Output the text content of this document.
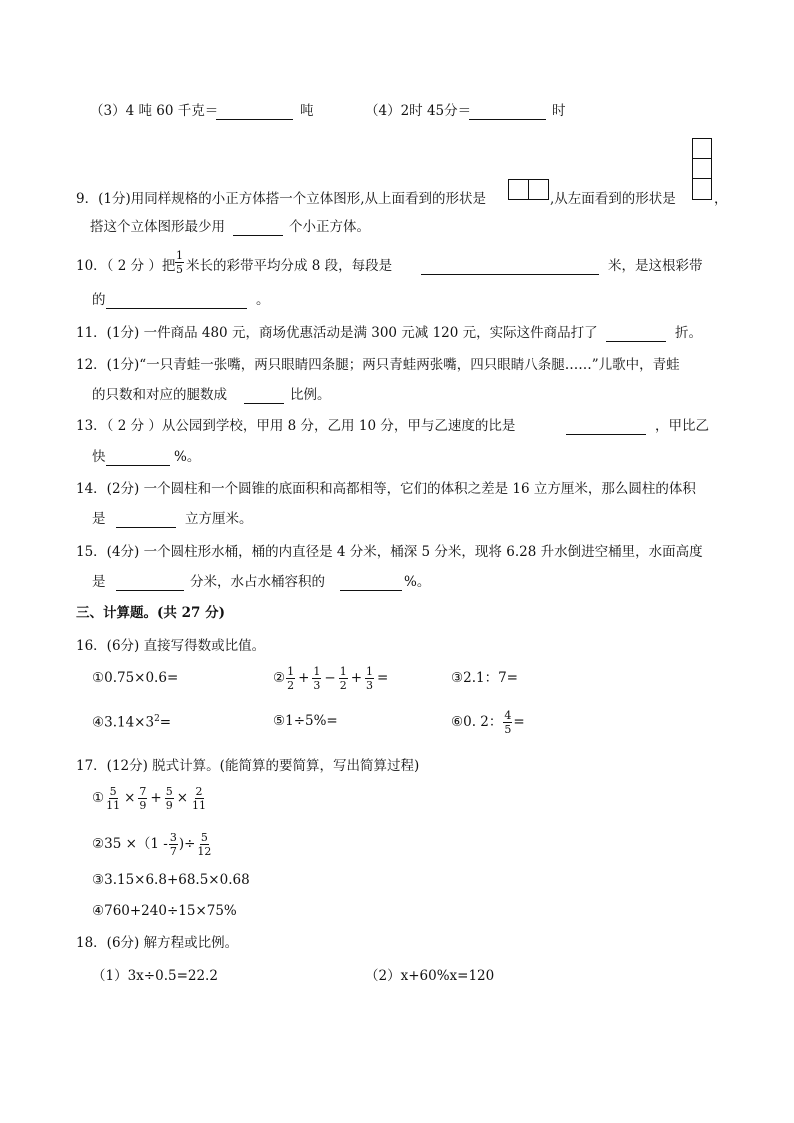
（3）4 吨 60 千克＝	吨	（4）2时 45分＝	时
9．(1分)用同样规格的小正方体搭一个立体图形,从上面看到的形状是	,从左面看到的形状是	，
搭这个立体图形最少用	个小正方体。
10．（ 2 分 ）把 $\frac{1}{5}$ 米长的彩带平均分成 8 段，每段是	米，是这根彩带
的	。
11．(1分) 一件商品 480 元，商场优惠活动是满 300 元减 120 元，实际这件商品打了	折。
12．(1分)“一只青蛙一张嘴，两只眼睛四条腿；两只青蛙两张嘴，四只眼睛八条腿……”儿歌中，青蛙
的只数和对应的腿数成	比例。
13．（ 2 分 ）从公园到学校，甲用 8 分，乙用 10 分，甲与乙速度的比是	，甲比乙
快	%。
14．(2分) 一个圆柱和一个圆锥的底面积和高都相等，它们的体积之差是 16 立方厘米，那么圆柱的体积
是	立方厘米。
15．(4分) 一个圆柱形水桶，桶的内直径是 4 分米，桶深 5 分米，现将 6.28 升水倒进空桶里，水面高度
是	分米，水占水桶容积的	%。
三、计算题。(共 27 分)
16．(6分) 直接写得数或比值。
①0.75×0.6=	② $\frac{1}{2} + \frac{1}{3} - \frac{1}{2} + \frac{1}{3}$ =	③2.1：7=
$④3.14\times 3^2=$	⑤1÷5%=	⑥0. 2： $\frac{4}{5}$ =
17．(12分) 脱式计算。(能简算的要简算，写出简算过程)
① $\frac{5}{11} \times \frac{7}{9} + \frac{5}{9} \times \frac{2}{11}$
②35 $\times(1 - \frac{3}{7}$ )÷ $\frac{5}{12}$
③3.15×6.8+68.5×0.68
④760+240÷15×75%
18．(6分) 解方程或比例。
（1）3x÷0.5=22.2	（2）x+60%x=120
